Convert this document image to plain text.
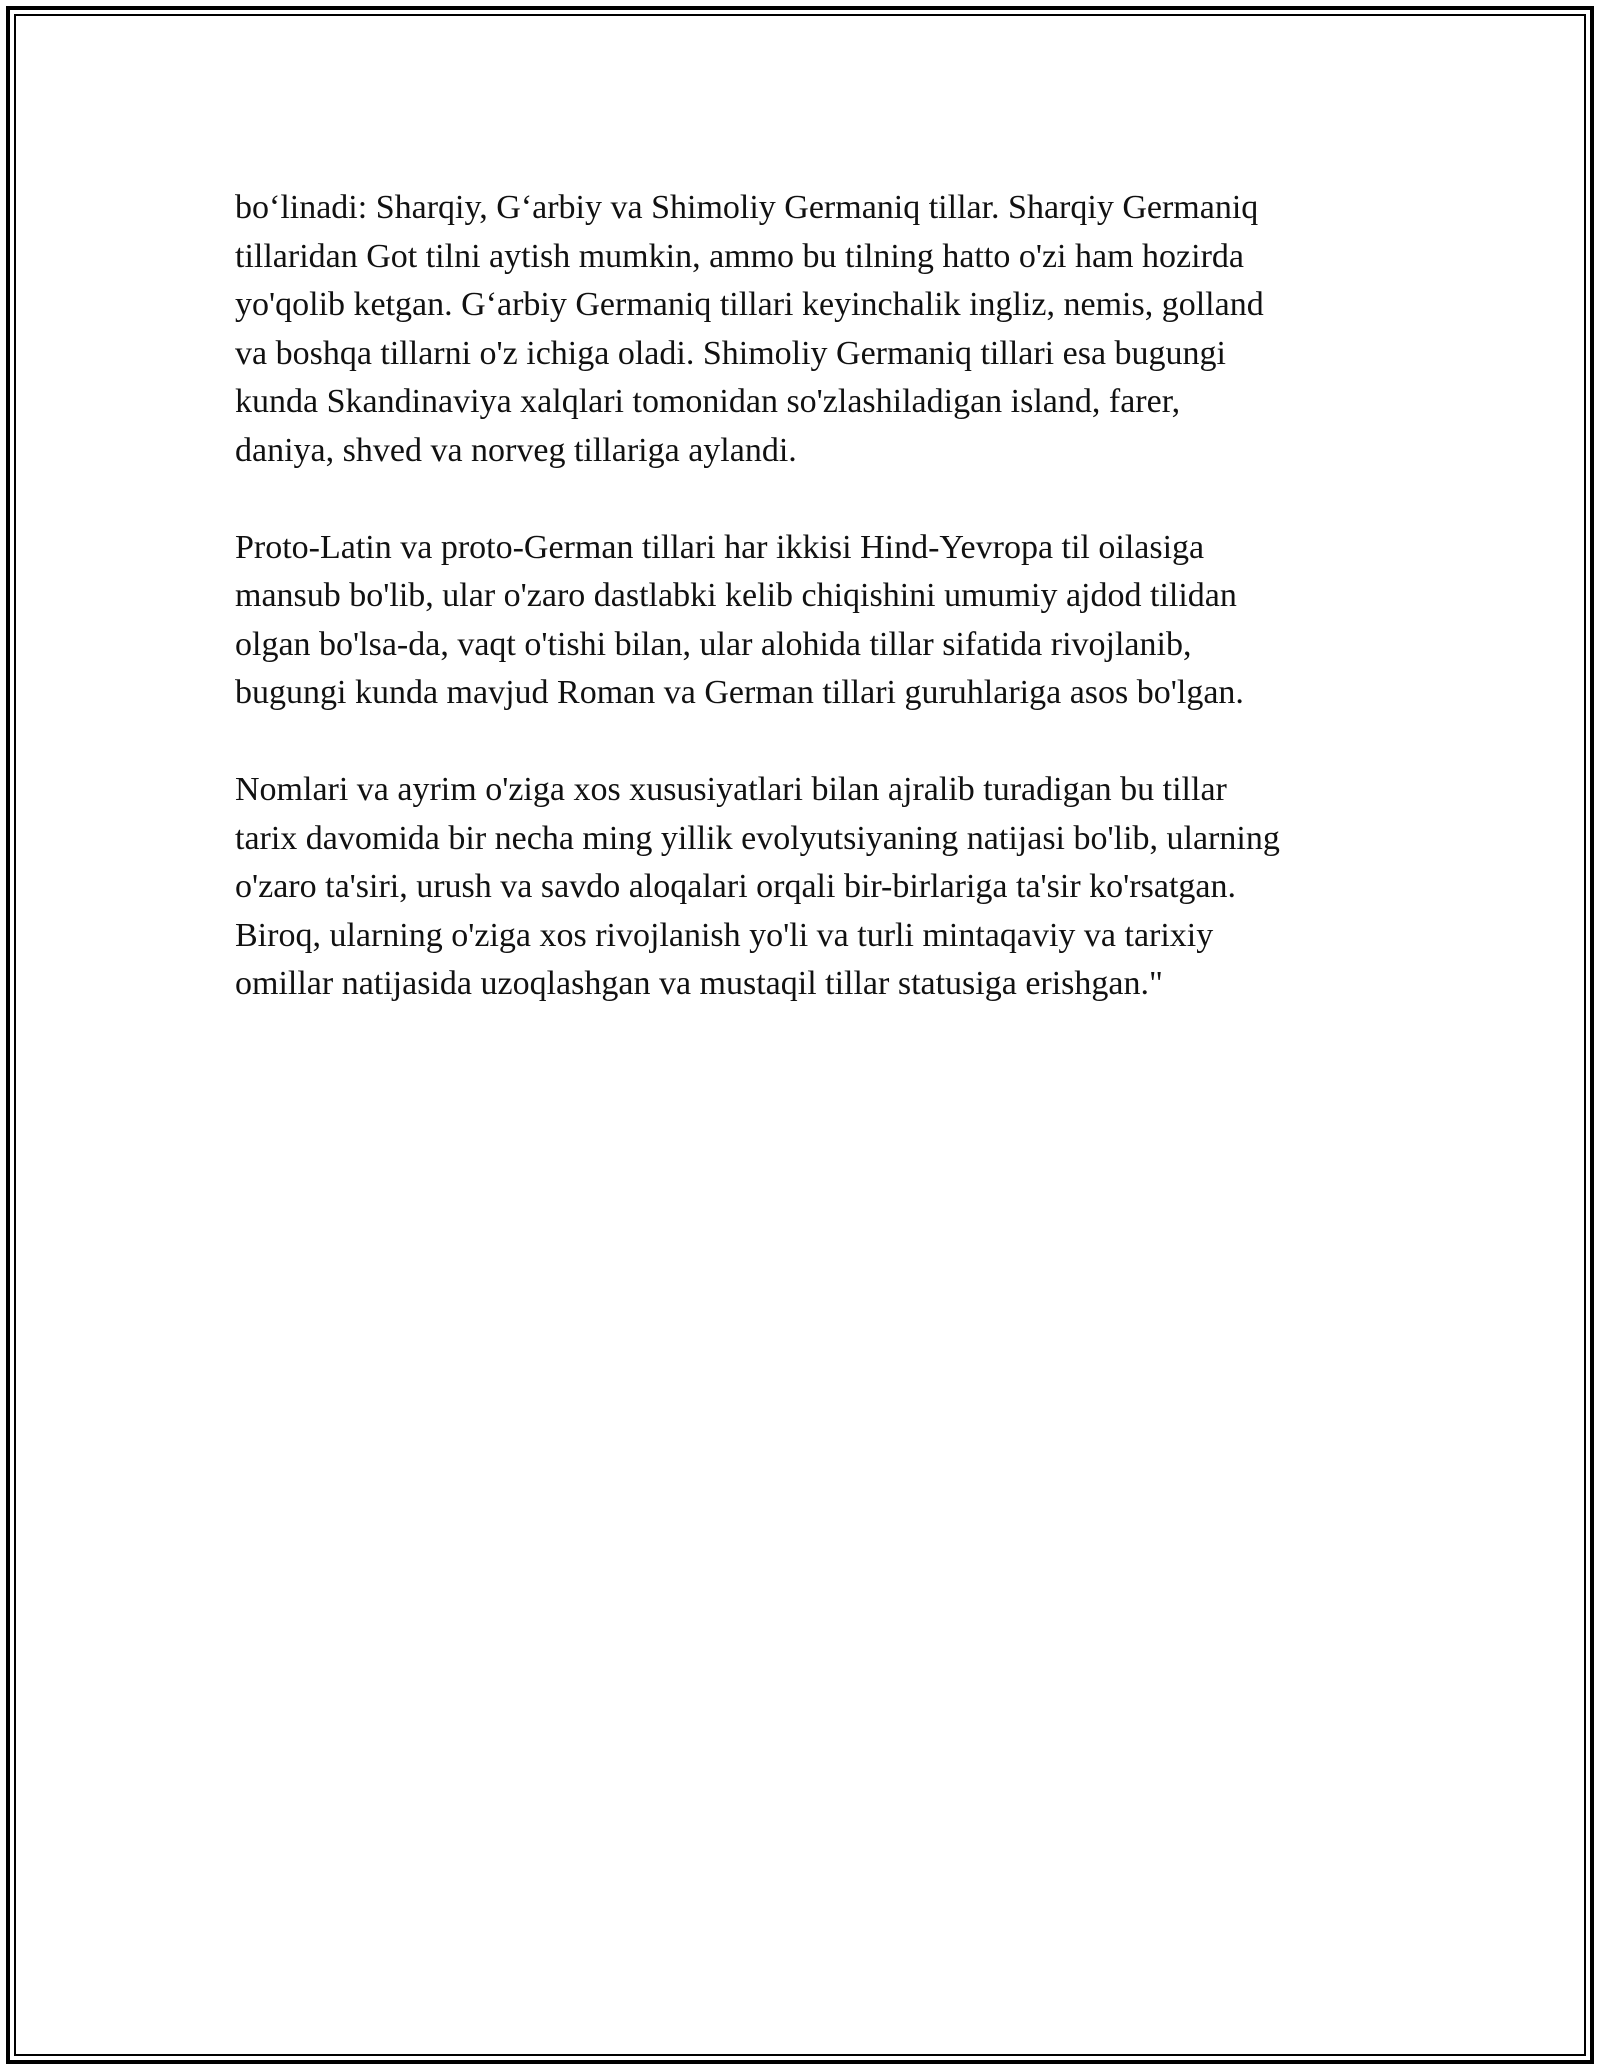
bo‘linadi: Sharqiy, G‘arbiy va Shimoliy Germaniq tillar. Sharqiy Germaniq
tillaridan Got tilni aytish mumkin, ammo bu tilning hatto o'zi ham hozirda
yo'qolib ketgan. G‘arbiy Germaniq tillari keyinchalik ingliz, nemis, golland
va boshqa tillarni o'z ichiga oladi. Shimoliy Germaniq tillari esa bugungi
kunda Skandinaviya xalqlari tomonidan so'zlashiladigan island, farer,
daniya, shved va norveg tillariga aylandi.

Proto-Latin va proto-German tillari har ikkisi Hind-Yevropa til oilasiga
mansub bo'lib, ular o'zaro dastlabki kelib chiqishini umumiy ajdod tilidan
olgan bo'lsa-da, vaqt o'tishi bilan, ular alohida tillar sifatida rivojlanib,
bugungi kunda mavjud Roman va German tillari guruhlariga asos bo'lgan.

Nomlari va ayrim o'ziga xos xususiyatlari bilan ajralib turadigan bu tillar
tarix davomida bir necha ming yillik evolyutsiyaning natijasi bo'lib, ularning
o'zaro ta'siri, urush va savdo aloqalari orqali bir-birlariga ta'sir ko'rsatgan.
Biroq, ularning o'ziga xos rivojlanish yo'li va turli mintaqaviy va tarixiy
omillar natijasida uzoqlashgan va mustaqil tillar statusiga erishgan."
